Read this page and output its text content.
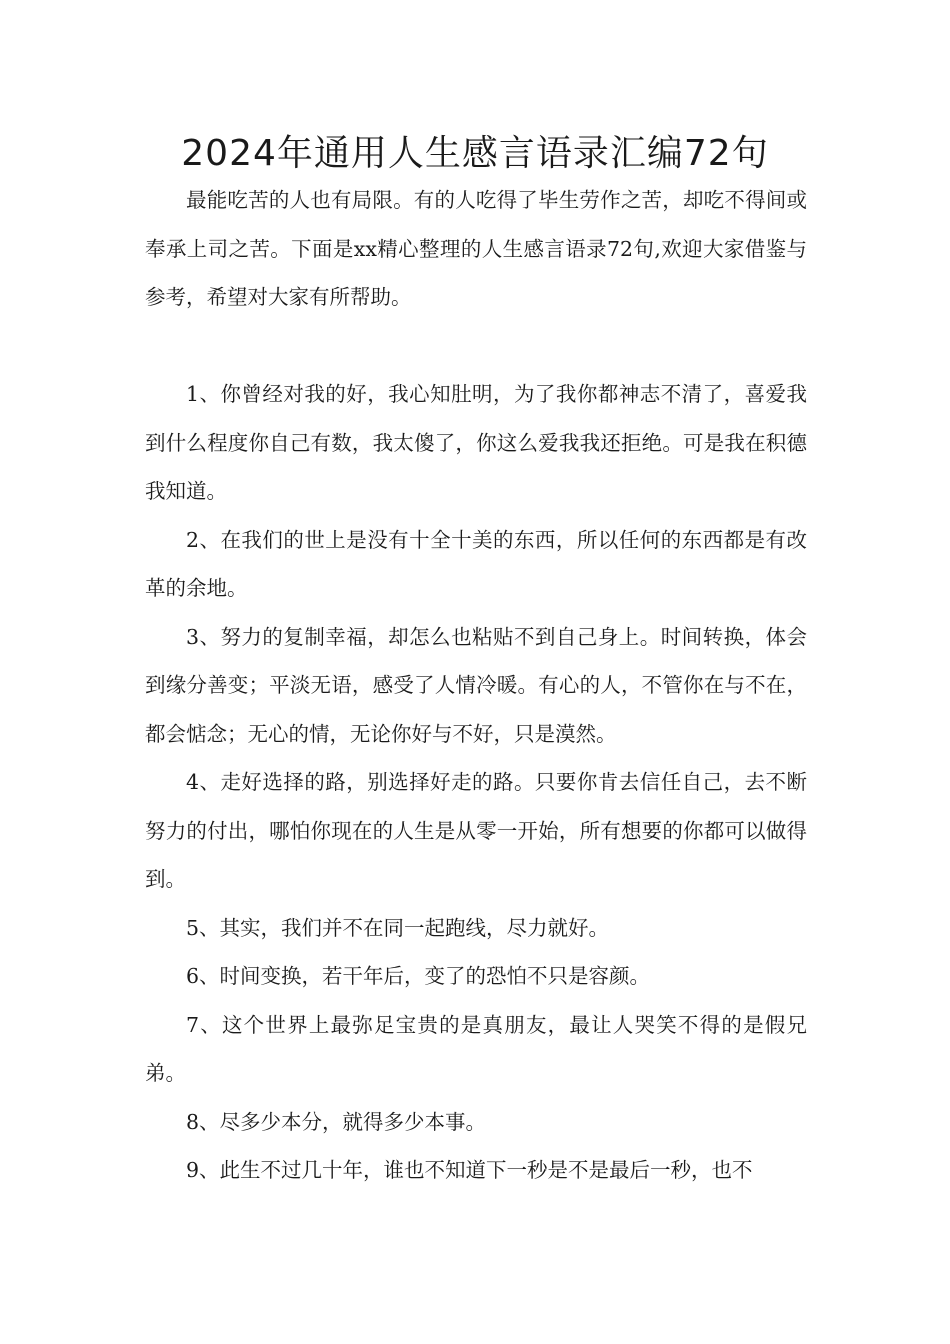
2024年通用人生感言语录汇编72句

最能吃苦的人也有局限。有的人吃得了毕生劳作之苦，却吃不得间或奉承上司之苦。下面是xx精心整理的人生感言语录72句,欢迎大家借鉴与参考，希望对大家有所帮助。

1、你曾经对我的好，我心知肚明，为了我你都神志不清了，喜爱我到什么程度你自己有数，我太傻了，你这么爱我我还拒绝。可是我在积德我知道。

2、在我们的世上是没有十全十美的东西，所以任何的东西都是有改革的余地。

3、努力的复制幸福，却怎么也粘贴不到自己身上。时间转换，体会到缘分善变；平淡无语，感受了人情冷暖。有心的人，不管你在与不在，都会惦念；无心的情，无论你好与不好，只是漠然。

4、走好选择的路，别选择好走的路。只要你肯去信任自己，去不断努力的付出，哪怕你现在的人生是从零一开始，所有想要的你都可以做得到。

5、其实，我们并不在同一起跑线，尽力就好。

6、时间变换，若干年后，变了的恐怕不只是容颜。

7、这个世界上最弥足宝贵的是真朋友，最让人哭笑不得的是假兄弟。

8、尽多少本分，就得多少本事。

9、此生不过几十年，谁也不知道下一秒是不是最后一秒，也不
